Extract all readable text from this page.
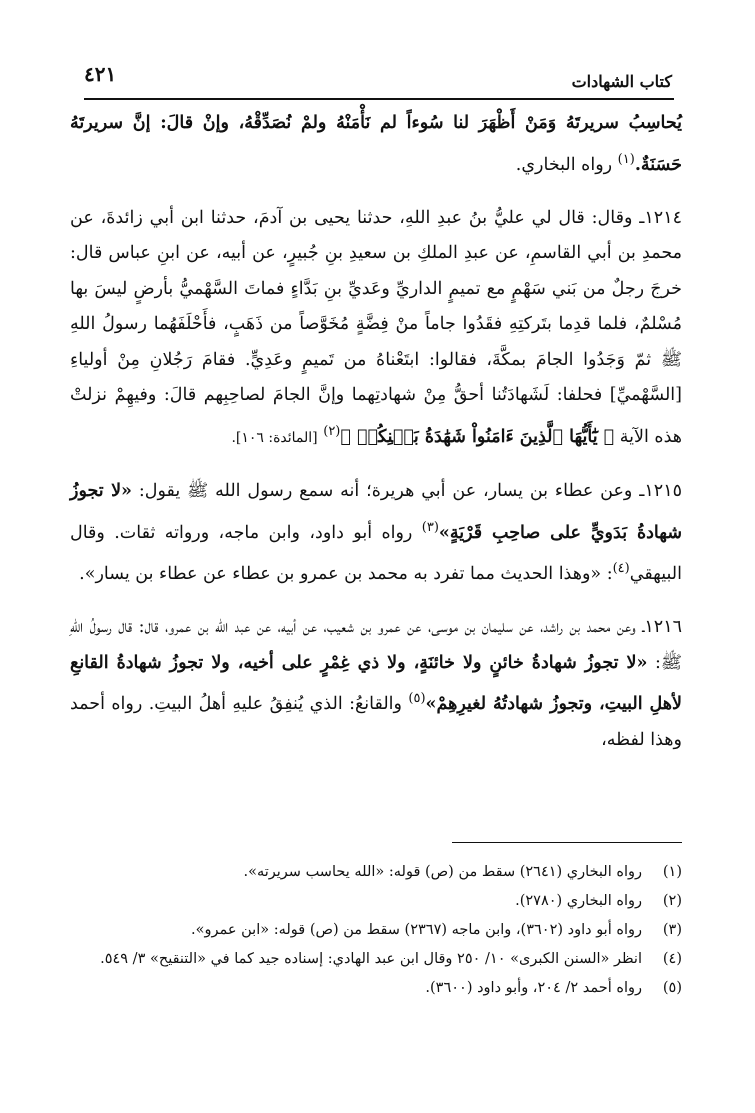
٤٢١	كتاب الشهادات

يُحاسِبُ سريرتَهُ وَمَنْ أَظْهَرَ لنا سُوءاً لم نَأْمَنْهُ ولمْ نُصَدِّقْهُ، وإنْ قالَ: إنَّ سريرتَهُ حَسَنَةٌ.$^{(١)}$ رواه البخاري.

١٢١٤ـ وقال: قال لي عليُّ بنُ عبدِ اللهِ، حدثنا يحيى بن آدمَ، حدثنا ابن أبي زائدةَ، عن محمدِ بن أبي القاسمِ، عن عبدِ الملكِ بن سعيدِ بنِ جُبيرٍ، عن أبيه، عن ابنِ عباس قال: خرجَ رجلٌ من بَني سَهْمٍ مع تميمٍ الداريِّ وعَديِّ بنِ بَدَّاءٍ فماتَ السَّهْميُّ بأرضٍ ليسَ بها مُسْلمٌ، فلما قدِما بتَركتِهِ فقَدُوا جاماً منْ فِضَّةٍ مُخَوَّصاً من ذَهَبٍ، فأَحْلَفَهُما رسولُ اللهِ ﷺ ثمّ وَجَدُوا الجامَ بمكَّةَ، فقالوا: ابتَعْناهُ من تَميمٍ وعَدِيٍّ. فقامَ رَجُلانِ مِنْ أولياءِ [السَّهْميِّ] فحلفا: لَشَهادَتُنا أحقُّ مِنْ شهادتِهما وإنَّ الجامَ لصاحِبِهم قالَ: وفيهِمْ نزلتْ هذه الآية ﴿ يَٰٓأَيُّهَا ٱلَّذِينَ ءَامَنُواْ شَهَٰدَةُ بَيۡنِكُمۡ ﴾$^{(٢)}$ [المائدة: ١٠٦].

١٢١٥ـ وعن عطاء بن يسار، عن أبي هريرة؛ أنه سمع رسول الله ﷺ يقول: «لا تجوزُ شهادةُ بَدَويٍّ على صاحِبِ قَرْيَةٍ»$^{(٣)}$ رواه أبو داود، وابن ماجه، ورواته ثقات. وقال البيهقي$^{(٤)}$: «وهذا الحديث مما تفرد به محمد بن عمرو بن عطاء عن عطاء بن يسار».

١٢١٦ـ وعن محمد بن راشد، عن سليمان بن موسى، عن عمرو بن شعيب، عن أبيه، عن عبد الله بن عمرو، قال: قال رسولُ اللهِ ﷺ: «لا تجوزُ شهادةُ خائنٍ ولا خائنَةٍ، ولا ذي غِمْرٍ على أخيه، ولا تجوزُ شهادةُ القانعِ لأهلِ البيتِ، وتجوزُ شهادتُهُ لغيرِهِمْ»$^{(٥)}$ والقانعُ: الذي يُنفِقُ عليهِ أهلُ البيتِ. رواه أحمد وهذا لفظه،

(١)
رواه البخاري (٢٦٤١) سقط من (ص) قوله: «الله يحاسب سريرته».
(٢)
رواه البخاري (٢٧٨٠).
(٣)
رواه أبو داود (٣٦٠٢)، وابن ماجه (٢٣٦٧) سقط من (ص) قوله: «ابن عمرو».
(٤)
انظر «السنن الكبرى» ١٠/ ٢٥٠ وقال ابن عبد الهادي: إسناده جيد كما في «التنقيح» ٣/ ٥٤٩.
(٥)
رواه أحمد ٢/ ٢٠٤، وأبو داود (٣٦٠٠).
